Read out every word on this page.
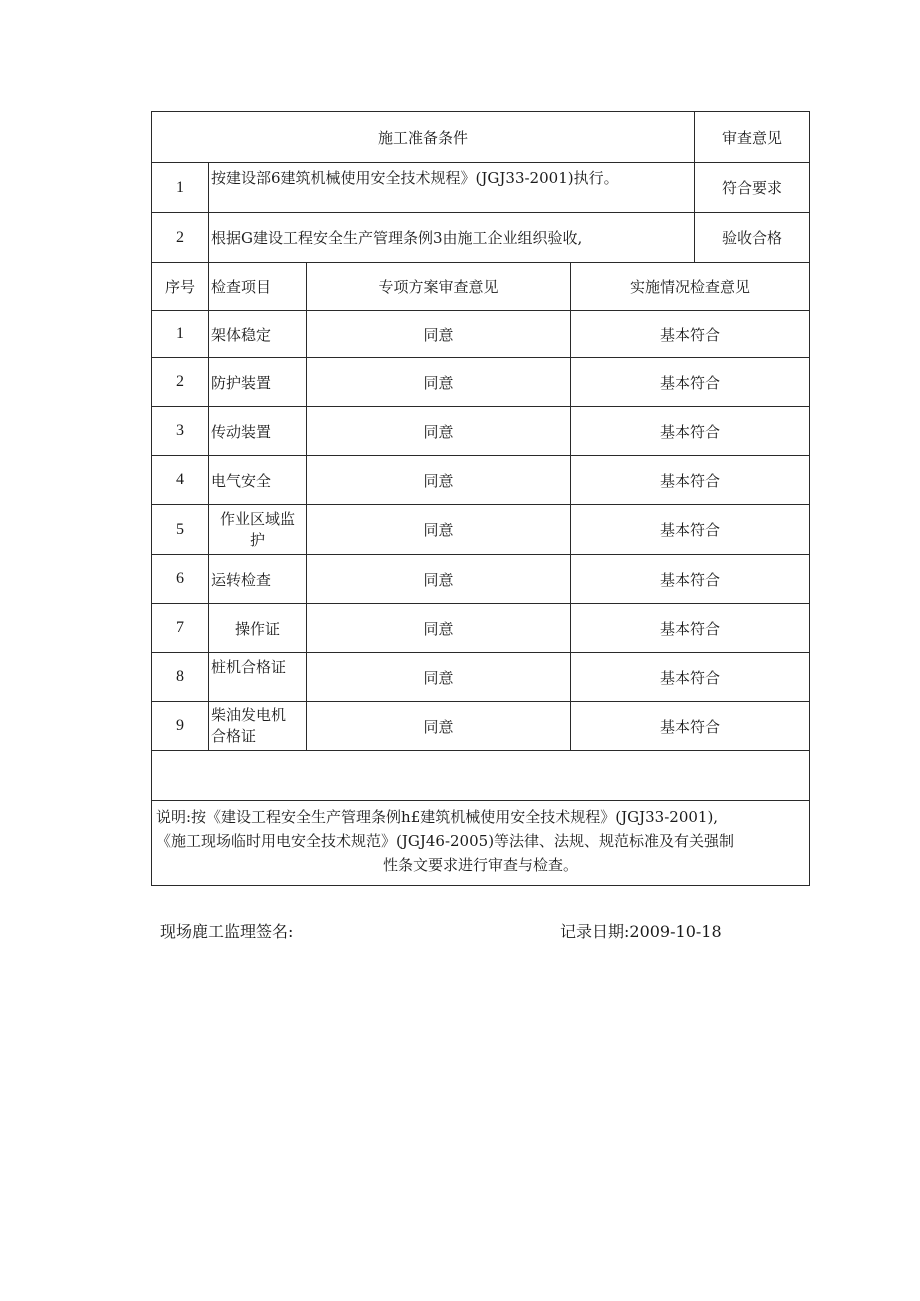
施工准备条件				审查意见
1	按建设部6建筑机械使用安全技术规程》(JGJ33-2001)执行。			符合要求
2	根据G建设工程安全生产管理条例3由施工企业组织验收,			验收合格
序号	检查项目	专项方案审查意见	实施情况检查意见	
1	架体稳定	同意	基本符合	
2	防护装置	同意	基本符合	
3	传动装置	同意	基本符合	
4	电气安全	同意	基本符合	
5	作业区域监护	同意	基本符合	
6	运转检查	同意	基本符合	
7	操作证	同意	基本符合	
8	桩机合格证	同意	基本符合	
9	柴油发电机合格证	同意	基本符合	

说明:按《建设工程安全生产管理条例h£建筑机械使用安全技术规程》(JGJ33-2001),
《施工现场临时用电安全技术规范》(JGJ46-2005)等法律、法规、规范标准及有关强制
性条文要求进行审查与检查。				
现场鹿工监理签名:	记录日期:2009-10-18
